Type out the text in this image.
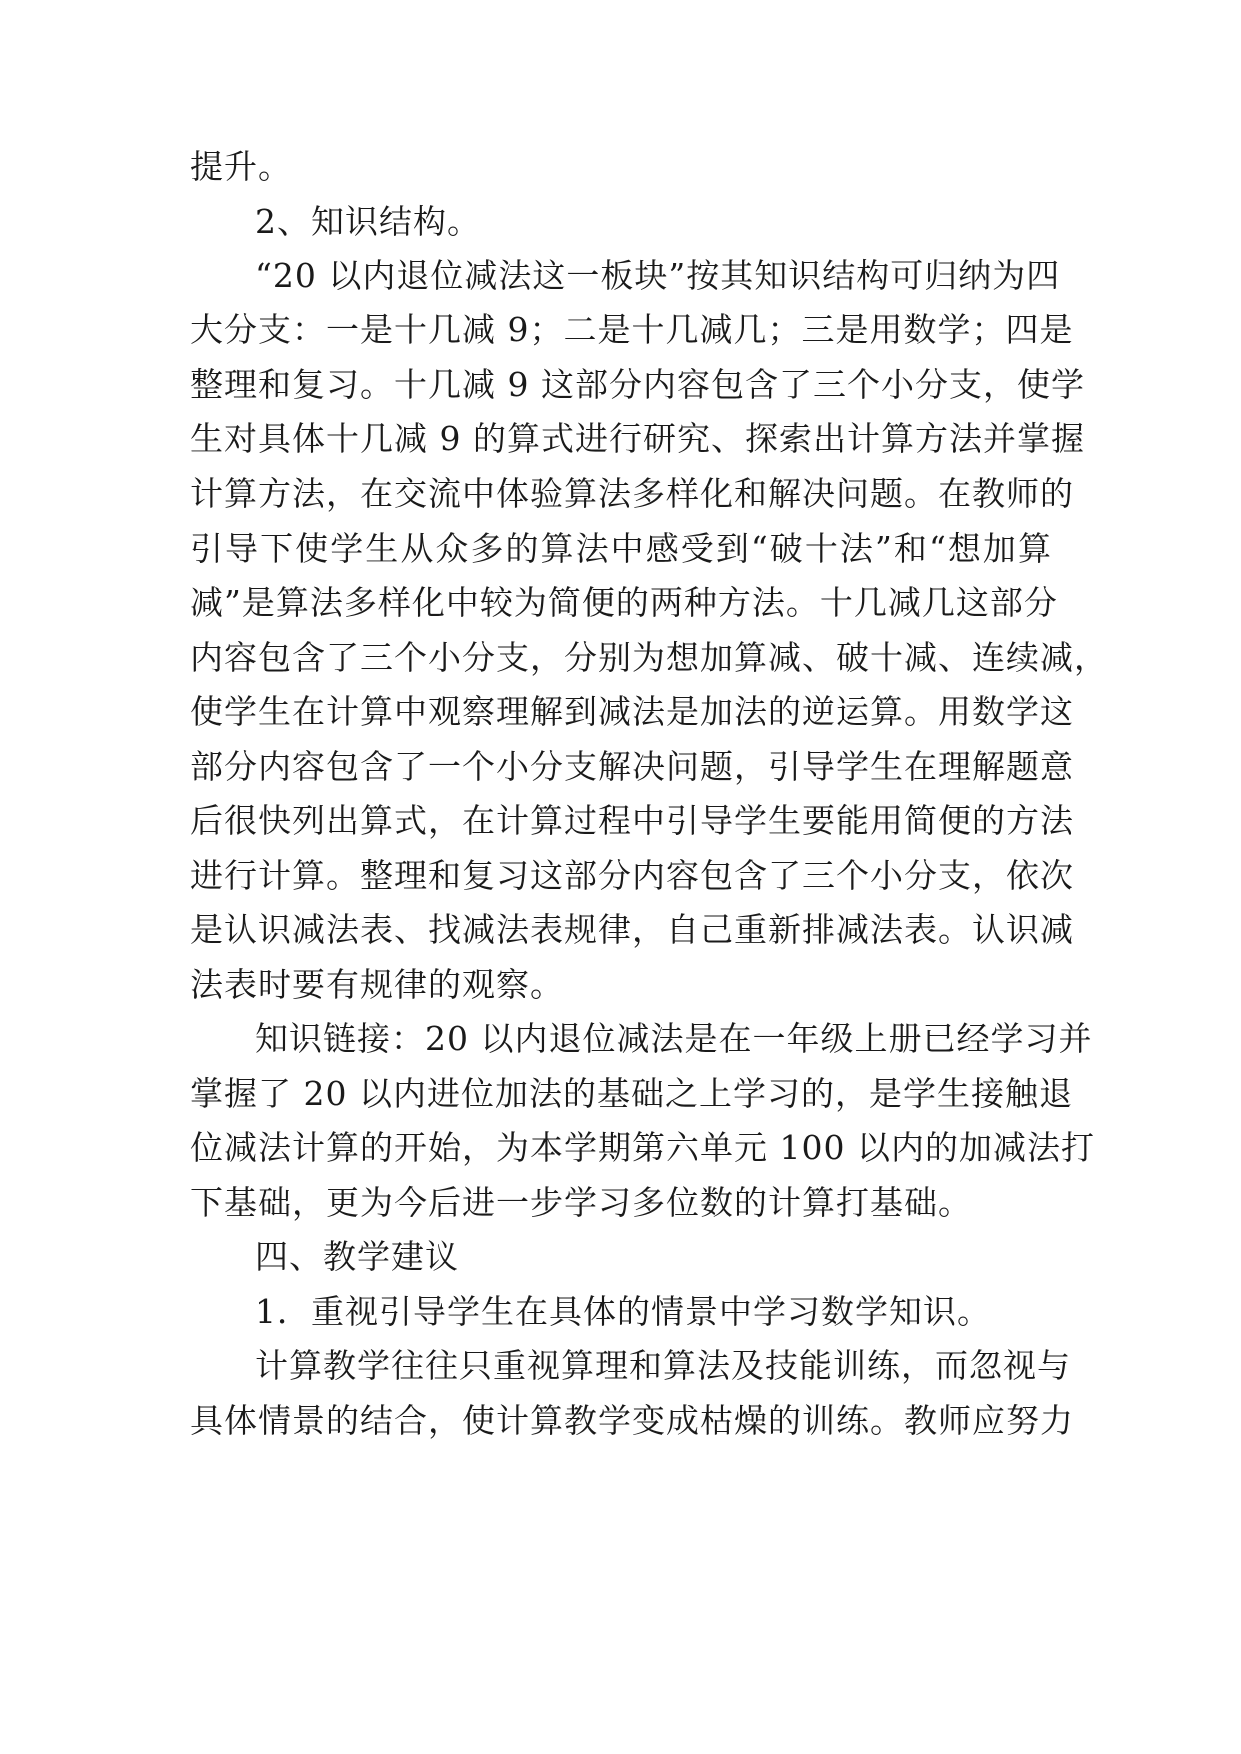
提升。
2、知识结构。
“20 以内退位减法这一板块”按其知识结构可归纳为四
大分支：一是十几减 9；二是十几减几；三是用数学；四是
整理和复习。十几减 9 这部分内容包含了三个小分支，使学
生对具体十几减 9 的算式进行研究、探索出计算方法并掌握
计算方法，在交流中体验算法多样化和解决问题。在教师的
引导下使学生从众多的算法中感受到“破十法”和“想加算
减”是算法多样化中较为简便的两种方法。十几减几这部分
内容包含了三个小分支，分别为想加算减、破十减、连续减，
使学生在计算中观察理解到减法是加法的逆运算。用数学这
部分内容包含了一个小分支解决问题，引导学生在理解题意
后很快列出算式，在计算过程中引导学生要能用简便的方法
进行计算。整理和复习这部分内容包含了三个小分支，依次
是认识减法表、找减法表规律，自己重新排减法表。认识减
法表时要有规律的观察。
知识链接：20 以内退位减法是在一年级上册已经学习并
掌握了 20 以内进位加法的基础之上学习的，是学生接触退
位减法计算的开始，为本学期第六单元 100 以内的加减法打
下基础，更为今后进一步学习多位数的计算打基础。
四、教学建议
1．重视引导学生在具体的情景中学习数学知识。
计算教学往往只重视算理和算法及技能训练，而忽视与
具体情景的结合，使计算教学变成枯燥的训练。教师应努力
